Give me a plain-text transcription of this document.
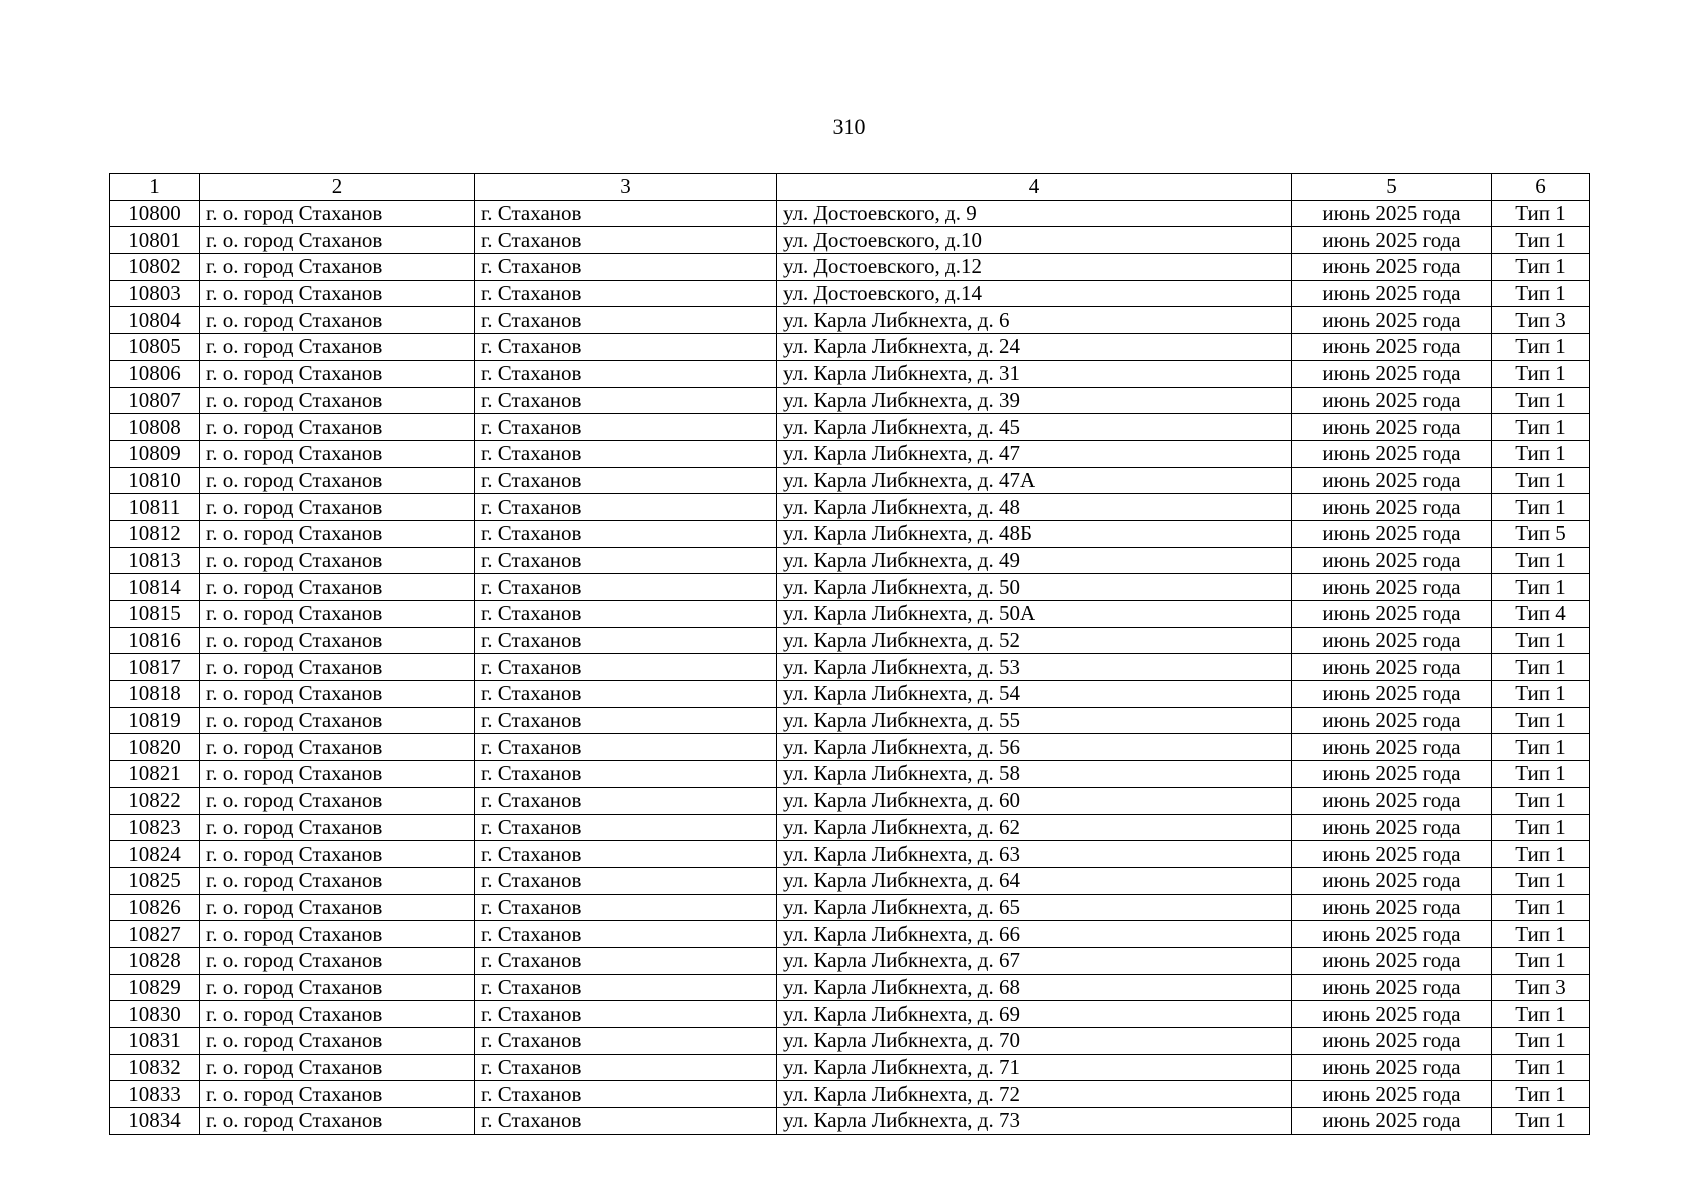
310
1	2	3	4	5	6
10800	г. о. город Стаханов	г. Стаханов	ул. Достоевского, д. 9	июнь 2025 года	Тип 1
10801	г. о. город Стаханов	г. Стаханов	ул. Достоевского, д.10	июнь 2025 года	Тип 1
10802	г. о. город Стаханов	г. Стаханов	ул. Достоевского, д.12	июнь 2025 года	Тип 1
10803	г. о. город Стаханов	г. Стаханов	ул. Достоевского, д.14	июнь 2025 года	Тип 1
10804	г. о. город Стаханов	г. Стаханов	ул. Карла Либкнехта, д. 6	июнь 2025 года	Тип 3
10805	г. о. город Стаханов	г. Стаханов	ул. Карла Либкнехта, д. 24	июнь 2025 года	Тип 1
10806	г. о. город Стаханов	г. Стаханов	ул. Карла Либкнехта, д. 31	июнь 2025 года	Тип 1
10807	г. о. город Стаханов	г. Стаханов	ул. Карла Либкнехта, д. 39	июнь 2025 года	Тип 1
10808	г. о. город Стаханов	г. Стаханов	ул. Карла Либкнехта, д. 45	июнь 2025 года	Тип 1
10809	г. о. город Стаханов	г. Стаханов	ул. Карла Либкнехта, д. 47	июнь 2025 года	Тип 1
10810	г. о. город Стаханов	г. Стаханов	ул. Карла Либкнехта, д. 47А	июнь 2025 года	Тип 1
10811	г. о. город Стаханов	г. Стаханов	ул. Карла Либкнехта, д. 48	июнь 2025 года	Тип 1
10812	г. о. город Стаханов	г. Стаханов	ул. Карла Либкнехта, д. 48Б	июнь 2025 года	Тип 5
10813	г. о. город Стаханов	г. Стаханов	ул. Карла Либкнехта, д. 49	июнь 2025 года	Тип 1
10814	г. о. город Стаханов	г. Стаханов	ул. Карла Либкнехта, д. 50	июнь 2025 года	Тип 1
10815	г. о. город Стаханов	г. Стаханов	ул. Карла Либкнехта, д. 50А	июнь 2025 года	Тип 4
10816	г. о. город Стаханов	г. Стаханов	ул. Карла Либкнехта, д. 52	июнь 2025 года	Тип 1
10817	г. о. город Стаханов	г. Стаханов	ул. Карла Либкнехта, д. 53	июнь 2025 года	Тип 1
10818	г. о. город Стаханов	г. Стаханов	ул. Карла Либкнехта, д. 54	июнь 2025 года	Тип 1
10819	г. о. город Стаханов	г. Стаханов	ул. Карла Либкнехта, д. 55	июнь 2025 года	Тип 1
10820	г. о. город Стаханов	г. Стаханов	ул. Карла Либкнехта, д. 56	июнь 2025 года	Тип 1
10821	г. о. город Стаханов	г. Стаханов	ул. Карла Либкнехта, д. 58	июнь 2025 года	Тип 1
10822	г. о. город Стаханов	г. Стаханов	ул. Карла Либкнехта, д. 60	июнь 2025 года	Тип 1
10823	г. о. город Стаханов	г. Стаханов	ул. Карла Либкнехта, д. 62	июнь 2025 года	Тип 1
10824	г. о. город Стаханов	г. Стаханов	ул. Карла Либкнехта, д. 63	июнь 2025 года	Тип 1
10825	г. о. город Стаханов	г. Стаханов	ул. Карла Либкнехта, д. 64	июнь 2025 года	Тип 1
10826	г. о. город Стаханов	г. Стаханов	ул. Карла Либкнехта, д. 65	июнь 2025 года	Тип 1
10827	г. о. город Стаханов	г. Стаханов	ул. Карла Либкнехта, д. 66	июнь 2025 года	Тип 1
10828	г. о. город Стаханов	г. Стаханов	ул. Карла Либкнехта, д. 67	июнь 2025 года	Тип 1
10829	г. о. город Стаханов	г. Стаханов	ул. Карла Либкнехта, д. 68	июнь 2025 года	Тип 3
10830	г. о. город Стаханов	г. Стаханов	ул. Карла Либкнехта, д. 69	июнь 2025 года	Тип 1
10831	г. о. город Стаханов	г. Стаханов	ул. Карла Либкнехта, д. 70	июнь 2025 года	Тип 1
10832	г. о. город Стаханов	г. Стаханов	ул. Карла Либкнехта, д. 71	июнь 2025 года	Тип 1
10833	г. о. город Стаханов	г. Стаханов	ул. Карла Либкнехта, д. 72	июнь 2025 года	Тип 1
10834	г. о. город Стаханов	г. Стаханов	ул. Карла Либкнехта, д. 73	июнь 2025 года	Тип 1
